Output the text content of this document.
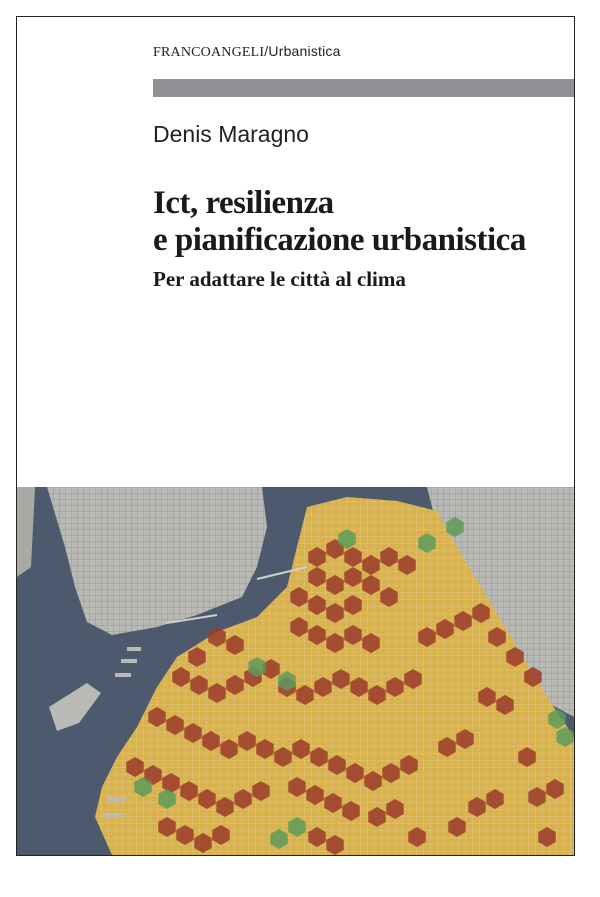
FRANCOANGELI/Urbanistica
Denis Maragno
Ict, resilienza
e pianificazione urbanistica
Per adattare le città al clima
